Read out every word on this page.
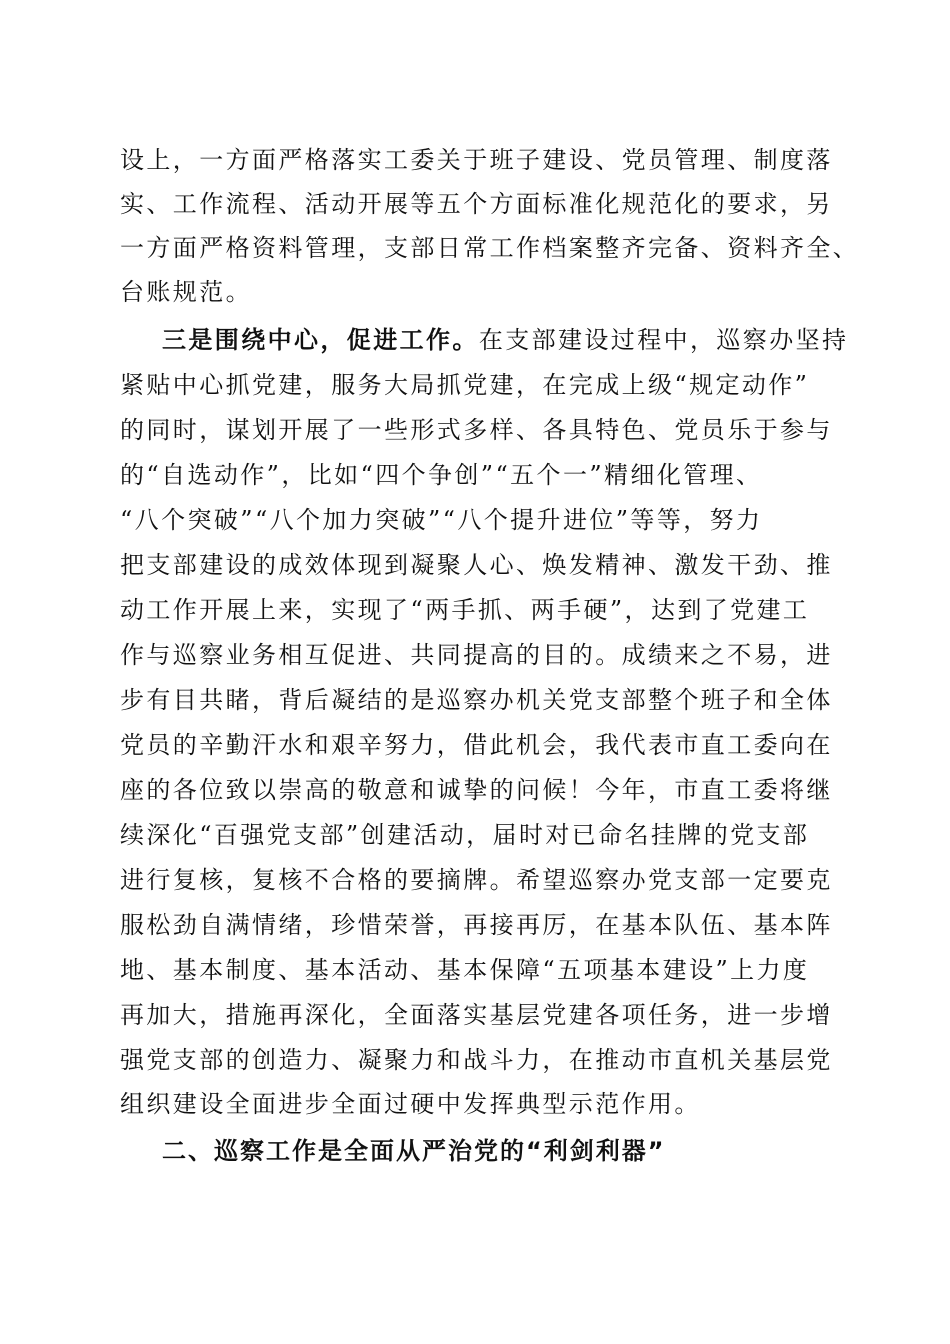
设上，一方面严格落实工委关于班子建设、党员管理、制度落
实、工作流程、活动开展等五个方面标准化规范化的要求，另
一方面严格资料管理，支部日常工作档案整齐完备、资料齐全、
台账规范。
三是围绕中心，促进工作。在支部建设过程中，巡察办坚持
紧贴中心抓党建，服务大局抓党建，在完成上级“规定动作”
的同时，谋划开展了一些形式多样、各具特色、党员乐于参与
的“自选动作”，比如“四个争创”“五个一”精细化管理、
“八个突破”“八个加力突破”“八个提升进位”等等，努力
把支部建设的成效体现到凝聚人心、焕发精神、激发干劲、推
动工作开展上来，实现了“两手抓、两手硬”，达到了党建工
作与巡察业务相互促进、共同提高的目的。成绩来之不易，进
步有目共睹，背后凝结的是巡察办机关党支部整个班子和全体
党员的辛勤汗水和艰辛努力，借此机会，我代表市直工委向在
座的各位致以崇高的敬意和诚挚的问候！今年，市直工委将继
续深化“百强党支部”创建活动，届时对已命名挂牌的党支部
进行复核，复核不合格的要摘牌。希望巡察办党支部一定要克
服松劲自满情绪，珍惜荣誉，再接再厉，在基本队伍、基本阵
地、基本制度、基本活动、基本保障“五项基本建设”上力度
再加大，措施再深化，全面落实基层党建各项任务，进一步增
强党支部的创造力、凝聚力和战斗力，在推动市直机关基层党
组织建设全面进步全面过硬中发挥典型示范作用。
二、巡察工作是全面从严治党的“利剑利器”
